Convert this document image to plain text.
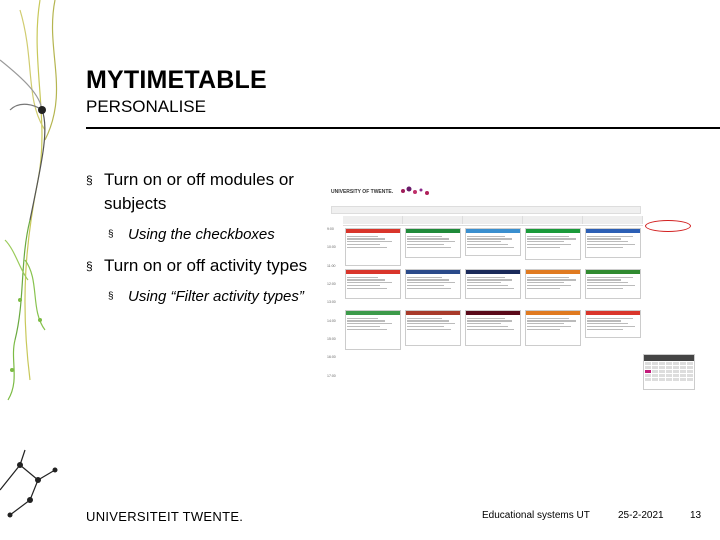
MYTIMETABLE
PERSONALISE
§ Turn on or off modules or subjects
§ Using the checkboxes
§ Turn on or off activity types
§ Using “Filter activity types”
UNIVERSITY OF TWENTE.
9:00
10:00
11:00
12:00
13:00
14:00
15:00
16:00
17:00
UNIVERSITEIT TWENTE.	Educational systems UT	25-2-2021	13
